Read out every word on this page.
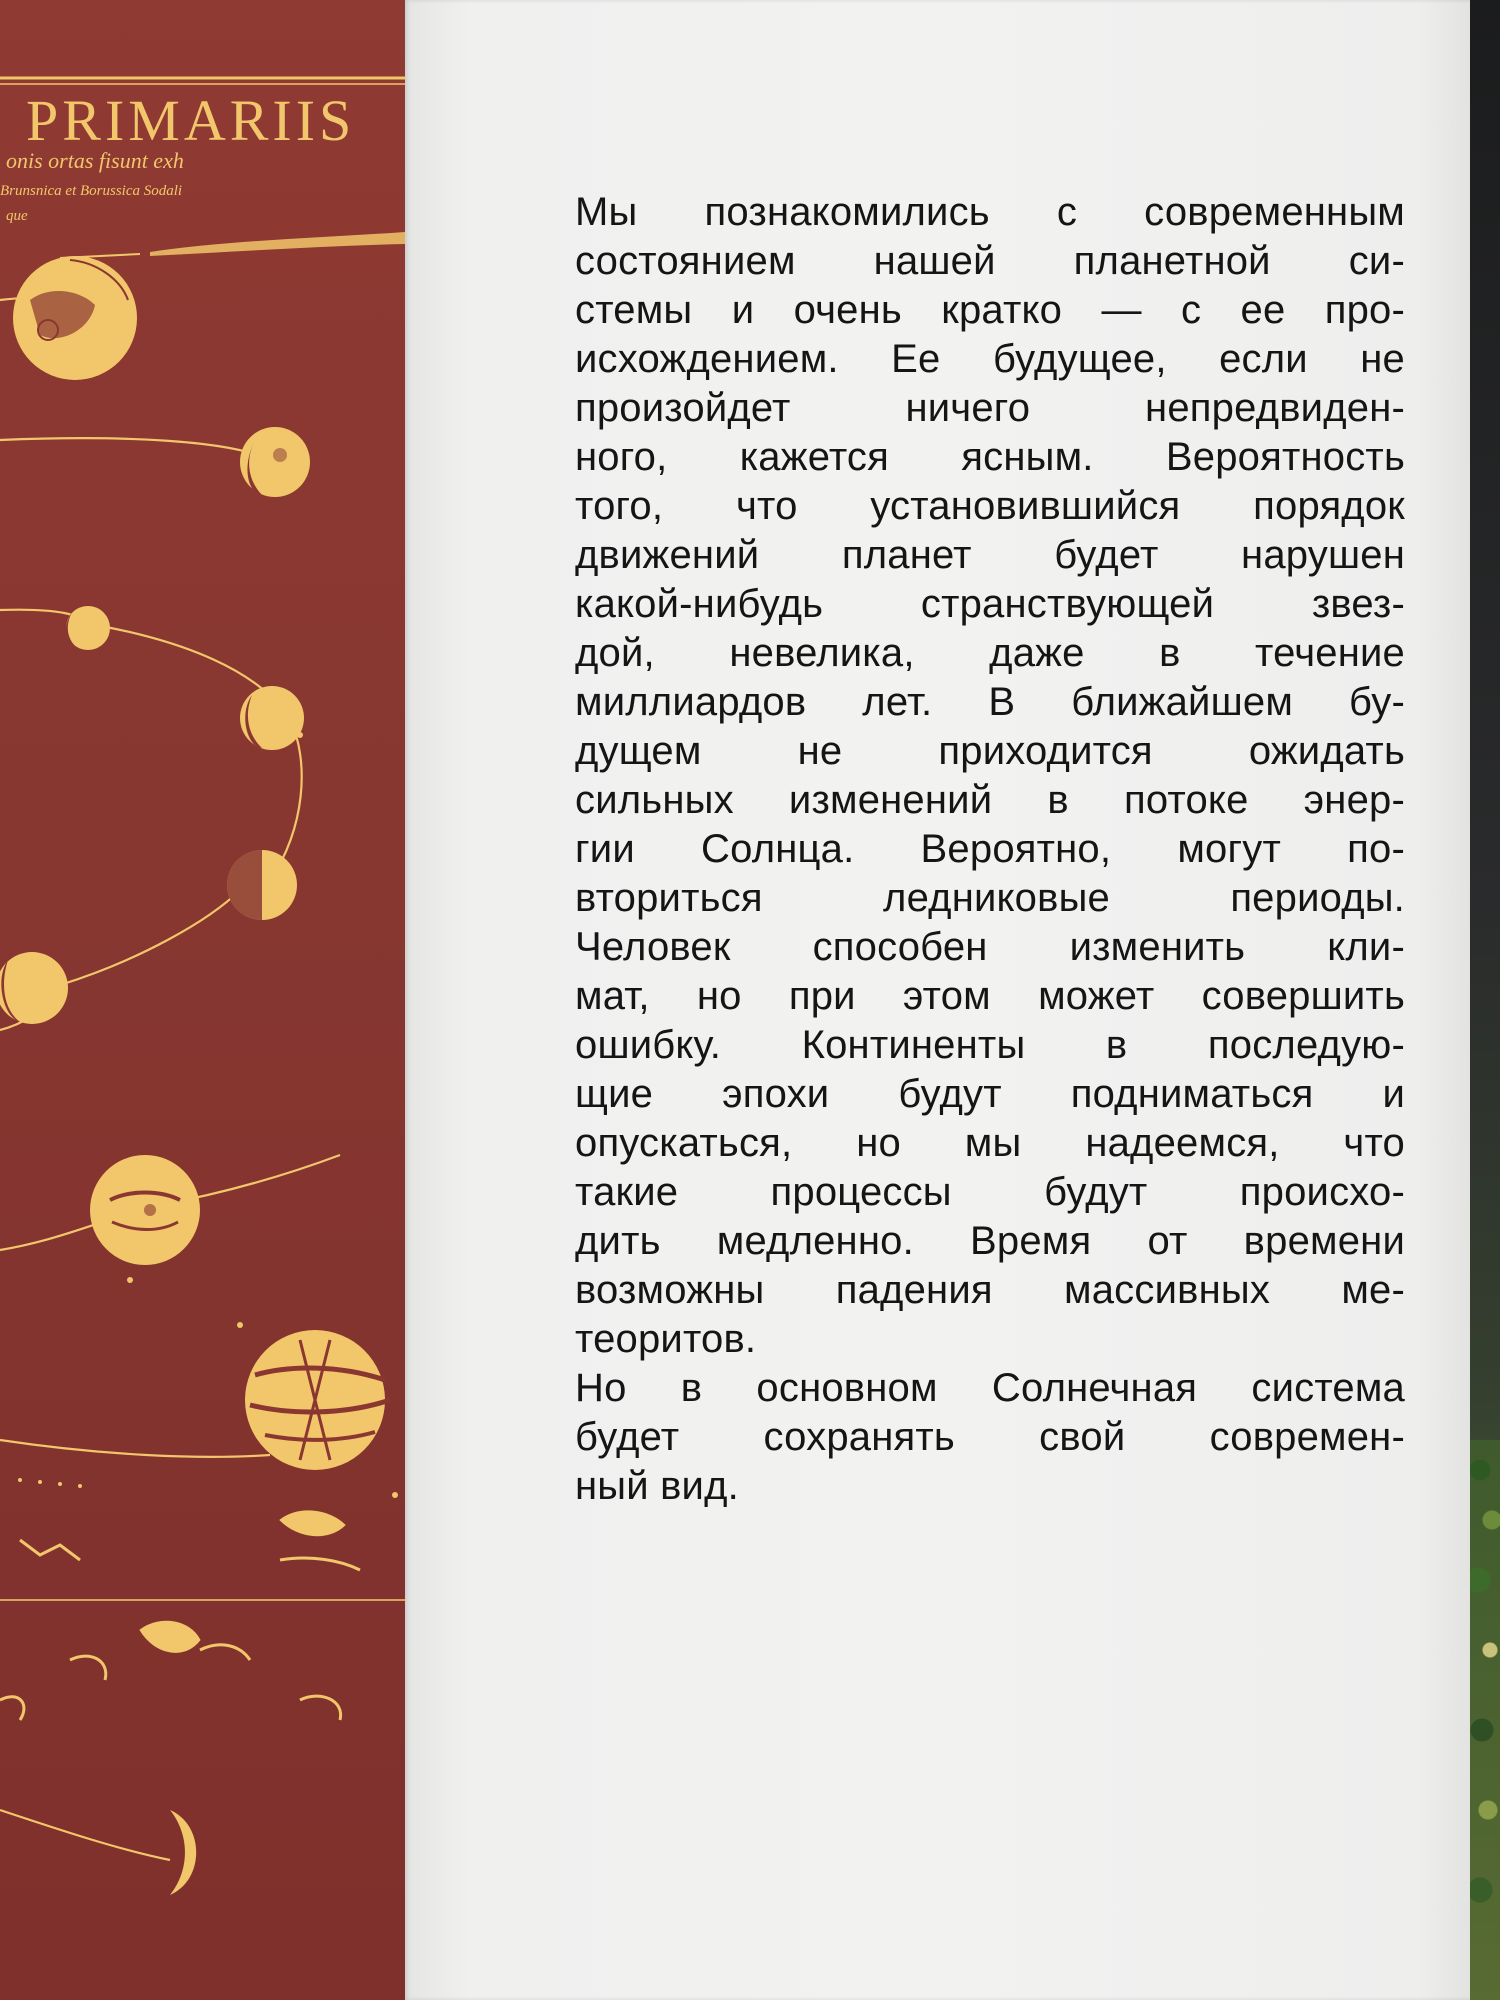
PRIMARIIS
onis ortas fisunt exh
Brunsnica et Borussica Sodali
que	Мы познакомились с современным
состоянием нашей планетной си-
стемы и очень кратко — с ее про-
исхождением. Ее будущее, если не
произойдет ничего непредвиден-
ного, кажется ясным. Вероятность
того, что установившийся порядок
движений планет будет нарушен
какой-нибудь странствующей звез-
дой, невелика, даже в течение
миллиардов лет. В ближайшем бу-
дущем не приходится ожидать
сильных изменений в потоке энер-
гии Солнца. Вероятно, могут по-
вториться ледниковые периоды.
Человек способен изменить кли-
мат, но при этом может совершить
ошибку. Континенты в последую-
щие эпохи будут подниматься и
опускаться, но мы надеемся, что
такие процессы будут происхо-
дить медленно. Время от времени
возможны падения массивных ме-
теоритов.
Но в основном Солнечная система
будет сохранять свой современ-
ный вид.
